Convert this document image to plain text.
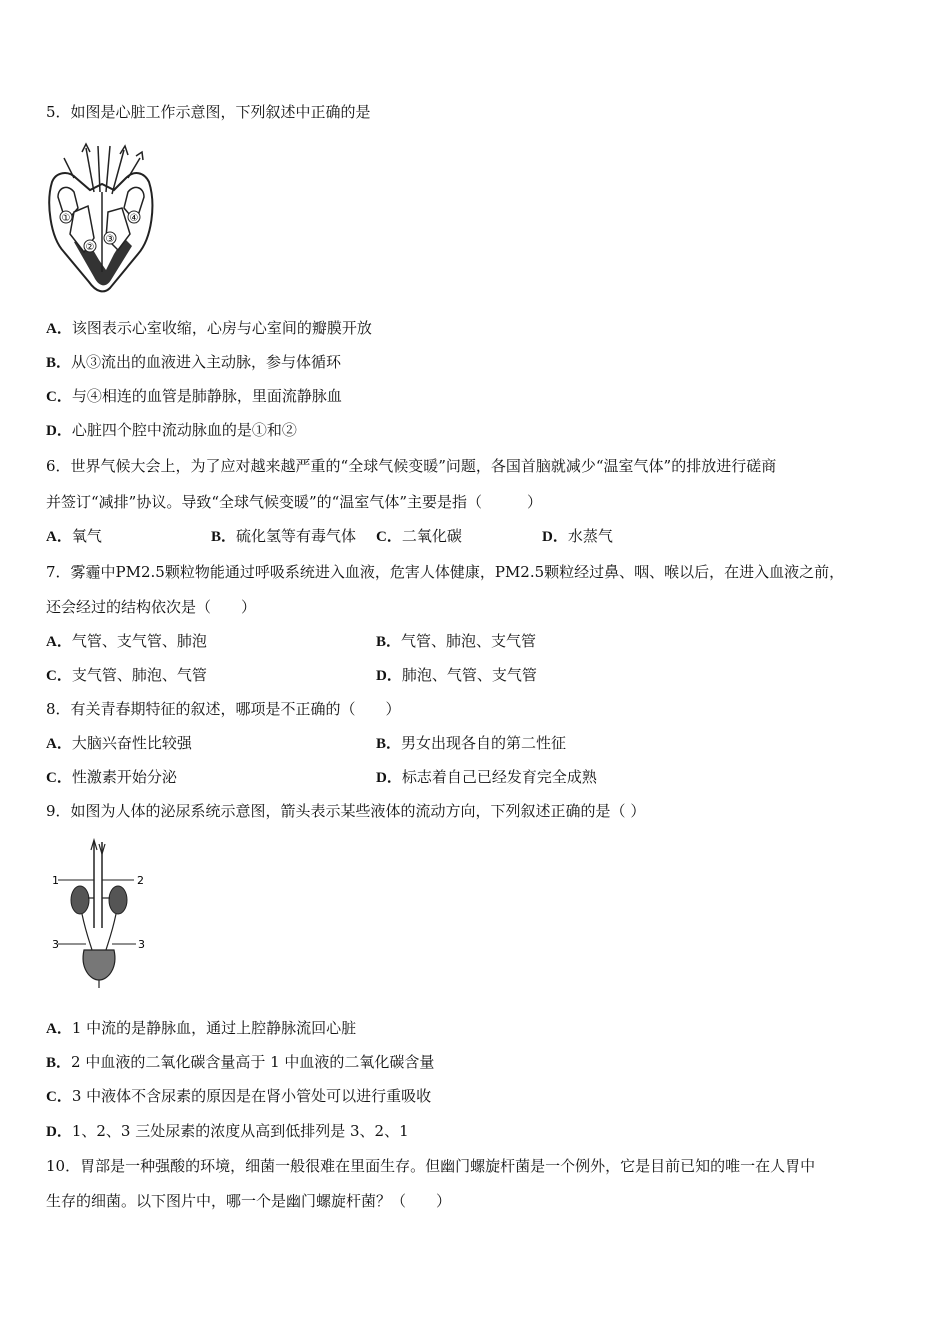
5．如图是心脏工作示意图，下列叙述中正确的是
①
②
③
④
A．该图表示心室收缩，心房与心室间的瓣膜开放
B．从③流出的血液进入主动脉，参与体循环
C．与④相连的血管是肺静脉，里面流静脉血
D．心脏四个腔中流动脉血的是①和②
6．世界气候大会上，为了应对越来越严重的“全球气候变暖”问题，各国首脑就减少“温室气体”的排放进行磋商
并签订“减排”协议。导致“全球气候变暖”的“温室气体”主要是指（　　　）
A．氧气	B．硫化氢等有毒气体 C．二氧化碳	D．水蒸气
7．雾霾中PM2.5颗粒物能通过呼吸系统进入血液，危害人体健康，PM2.5颗粒经过鼻、咽、喉以后，在进入血液之前，
还会经过的结构依次是（　　）
A．气管、支气管、肺泡	B．气管、肺泡、支气管
C．支气管、肺泡、气管	D．肺泡、气管、支气管
8．有关青春期特征的叙述，哪项是不正确的（　　）
A．大脑兴奋性比较强	B．男女出现各自的第二性征
C．性激素开始分泌	D．标志着自己已经发育完全成熟
9．如图为人体的泌尿系统示意图，箭头表示某些液体的流动方向，下列叙述正确的是（ ）
1	2
3	3
A．1 中流的是静脉血，通过上腔静脉流回心脏
B．2 中血液的二氧化碳含量高于 1 中血液的二氧化碳含量
C．3 中液体不含尿素的原因是在肾小管处可以进行重吸收
D．1、2、3 三处尿素的浓度从高到低排列是 3、2、1
10．胃部是一种强酸的环境，细菌一般很难在里面生存。但幽门螺旋杆菌是一个例外，它是目前已知的唯一在人胃中
生存的细菌。以下图片中，哪一个是幽门螺旋杆菌？（　　）
